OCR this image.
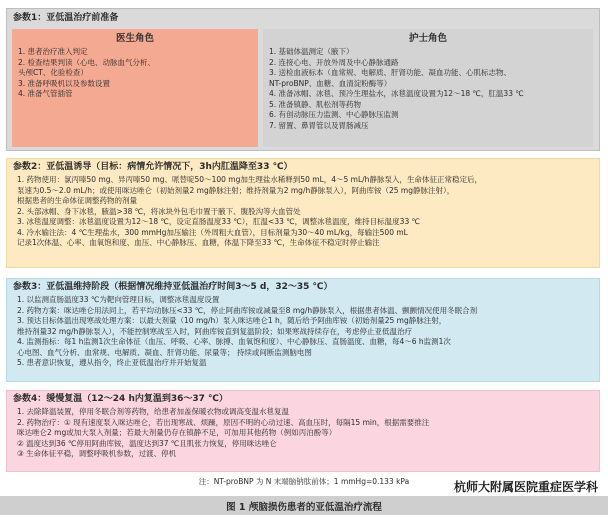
参数1：亚低温治疗前准备
医生角色
1. 患者治疗准入判定
2. 检查结果判读（心电、动脉血气分析、
头颅CT、化验检查）
3. 准备呼吸机以及参数设置
4. 准备气管插管
护士角色
1. 基础体温测定（腋下）
2. 连接心电、开放外周及中心静脉通路
3. 送检血液标本（血常规、电解质、肝肾功能、凝血功能、心肌标志物、
NT-proBNP、血糖、血清淀粉酶等）
4. 准备冰帽、冰毯、预冷生理盐水，冰毯温度设置为12～18 ℃，肛温33 ℃
5. 准备镇静、肌松剂等药物
6. 有创动脉压力监测、中心静脉压监测
7. 留置、鼻胃管以及胃肠减压
参数2：亚低温诱导（目标：病情允许情况下，3h内肛温降至33 ℃）
1. 药物使用：氯丙嗪50 mg、异丙嗪50 mg、哌替啶50～100 mg加生理盐水稀释到50 mL，4～5 mL/h静脉泵入，生命体征正常稳定后，
泵速为0.5～2.0 mL/h；或使用咪达唑仑（初始剂量2 mg静脉注射；维持剂量为2 mg/h静脉泵入），阿曲库铵（25 mg静脉注射），
根据患者的生命体征调整药物的剂量
2. 头部冰帽、身下冰毯，腋温>38 ℃，将冰块外包毛巾置于腋下、腹股沟等大血管处
3. 冰毯温度调整：冰毯温度设置为12～18 ℃，设定直肠温度33 ℃），肛温<33 ℃，调整冰毯温度，维持目标温度33 ℃
4. 冷水输注法：4 ℃生理盐水，300 mmHg加压输注（外周粗大血管），目标剂量为30～40 mL/kg，每输注500 mL
记录1次体温、心率、血氧饱和度、血压、中心静脉压、血糖，体温下降至33 ℃，生命体征不稳定时停止输注
参数3：亚低温维持阶段（根据情况维持亚低温治疗时间3～5 d，32～35 ℃）
1. 以监测直肠温度33 ℃为靶向管理目标，调整冰毯温度设置
2. 药物方案：咪达唑仑用法同上，若平均动脉压<33 ℃，停止阿曲库铵或减量至8 mg/h静脉泵入，根据患者体温、颤颤情况使用冬眠合剂
3. 预达目标体温出现寒战处理方案：以最大剂量（10 mg/h）泵入咪达唑仑1 h，随后给予阿曲库铵（初始剂量25 mg静脉注射，
维持剂量32 mg/h静脉泵入），不能控制寒战至入时，阿曲库铵直到复温阶段；如果寒战持续存在，考虑停止亚低温治疗
4. 监测指标：每1 h监测1次生命体征（血压、呼吸、心率、脉搏、血氧饱和度）、中心静脉压、直肠温度、血糖，每4～6 h监测1次
心电图、血气分析、血常规、电解质、凝血、肝肾功能、尿量等； 持续或间断监测脑电图
5. 患者意识恢复，遵从指令，终止亚低温治疗并开始复温
参数4：缓慢复温（12～24 h内复温到36～37 ℃）
1. 去除降温装置，停用冬眠合剂等药物，给患者加盖保暖衣物或调高变温水毯复温
2. 药物治疗：① 现有速度泵入咪达唑仑，若出现寒战、烦躁，原因不明的心动过速、高血压时，每隔15 min，根据需要推注
咪达唑仑2 mg或加大泵入剂量；若最大剂量仍存在镇静不足，可加用其他药物（例如丙泊酚等）
② 温度达到36 ℃停用阿曲库铵，温度达到37 ℃且肌张力恢复，停用咪达唑仑
③ 生命体征平稳，调整呼吸机参数，过渡、停机
注：NT-proBNP 为 N 末端脑钠肽前体；1 mmHg=0.133 kPa	杭师大附属医院重症医学科
图 1 颅脑损伤患者的亚低温治疗流程
